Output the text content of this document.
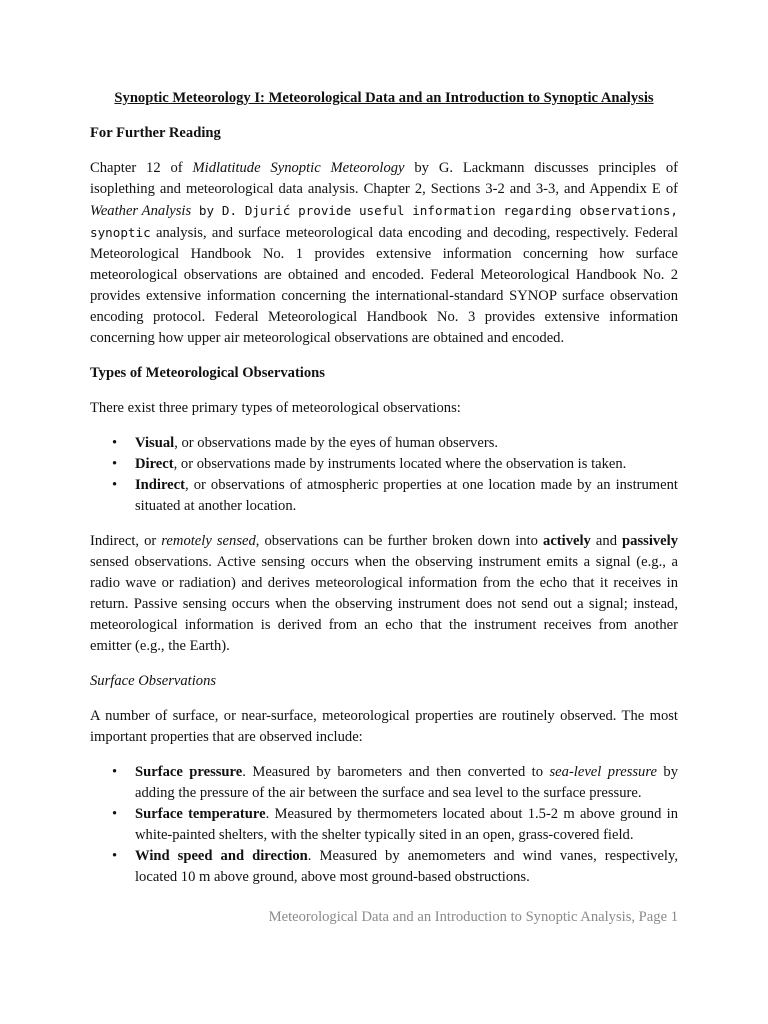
Synoptic Meteorology I: Meteorological Data and an Introduction to Synoptic Analysis
For Further Reading
Chapter 12 of Midlatitude Synoptic Meteorology by G. Lackmann discusses principles of isoplething and meteorological data analysis. Chapter 2, Sections 3-2 and 3-3, and Appendix E of Weather Analysis by D. Djurić provide useful information regarding observations, synoptic analysis, and surface meteorological data encoding and decoding, respectively. Federal Meteorological Handbook No. 1 provides extensive information concerning how surface meteorological observations are obtained and encoded. Federal Meteorological Handbook No. 2 provides extensive information concerning the international-standard SYNOP surface observation encoding protocol. Federal Meteorological Handbook No. 3 provides extensive information concerning how upper air meteorological observations are obtained and encoded.
Types of Meteorological Observations
There exist three primary types of meteorological observations:
• Visual, or observations made by the eyes of human observers.
• Direct, or observations made by instruments located where the observation is taken.
• Indirect, or observations of atmospheric properties at one location made by an instrument situated at another location.
Indirect, or remotely sensed, observations can be further broken down into actively and passively sensed observations. Active sensing occurs when the observing instrument emits a signal (e.g., a radio wave or radiation) and derives meteorological information from the echo that it receives in return. Passive sensing occurs when the observing instrument does not send out a signal; instead, meteorological information is derived from an echo that the instrument receives from another emitter (e.g., the Earth).
Surface Observations
A number of surface, or near-surface, meteorological properties are routinely observed. The most important properties that are observed include:
• Surface pressure. Measured by barometers and then converted to sea-level pressure by adding the pressure of the air between the surface and sea level to the surface pressure.
• Surface temperature. Measured by thermometers located about 1.5-2 m above ground in white-painted shelters, with the shelter typically sited in an open, grass-covered field.
• Wind speed and direction. Measured by anemometers and wind vanes, respectively, located 10 m above ground, above most ground-based obstructions.
Meteorological Data and an Introduction to Synoptic Analysis, Page 1
